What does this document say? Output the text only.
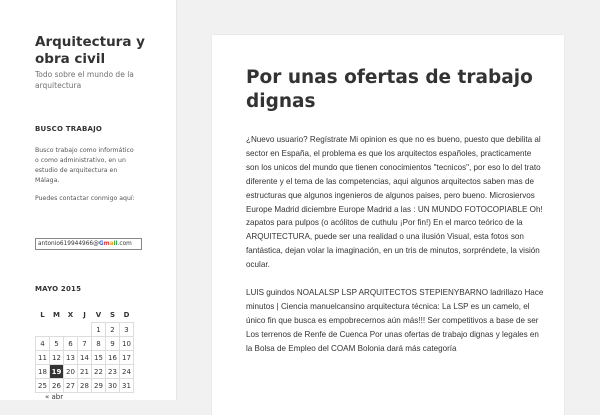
Arquitectura y obra civil
Todo sobre el mundo de la arquitectura
BUSCO TRABAJO

Busco trabajo como informático o como administrativo, en un estudio de arquitectura en Málaga.

Puedes contactar conmigo aquí:

antonio619944966@Gmail.com
MAYO 2015
L	M	X	J	V	S	D
				1	2	3
4	5	6	7	8	9	10
11	12	13	14	15	16	17
18	19	20	21	22	23	24
25	26	27	28	29	30	31
« abr
Por unas ofertas de trabajo dignas

¿Nuevo usuario? Regístrate Mi opinion es que no es bueno, puesto que debilita al sector en España, el problema es que los arquitectos españoles, practicamente son los unicos del mundo que tienen conocimientos "tecnicos", por eso lo del trato diferente y el tema de las competencias, aqui algunos arquitectos saben mas de estructuras que algunos ingenieros de algunos paises, pero bueno. Microsiervos Europe Madrid diciembre Europe Madrid a las : UN MUNDO FOTOCOPIABLE Oh! zapatos para pulpos (o acólitos de cuthulu ¡Por fin!) En el marco teórico de la ARQUITECTURA, puede ser una realidad o una ilusión Visual, esta fotos son fantástica, dejan volar la imaginación, en un tris de minutos, sorpréndete, la visión ocular.

LUIS guindos NOALALSP LSP ARQUITECTOS STEPIENYBARNO ladrillazo Hace minutos | Ciencia manuelcansino arquitectura técnica: La LSP es un camelo, el único fin que busca es empobrecernos aún más!!! Ser competitivos a base de ser Los terrenos de Renfe de Cuenca Por unas ofertas de trabajo dignas y legales en la Bolsa de Empleo del COAM Bolonia dará más categoría
